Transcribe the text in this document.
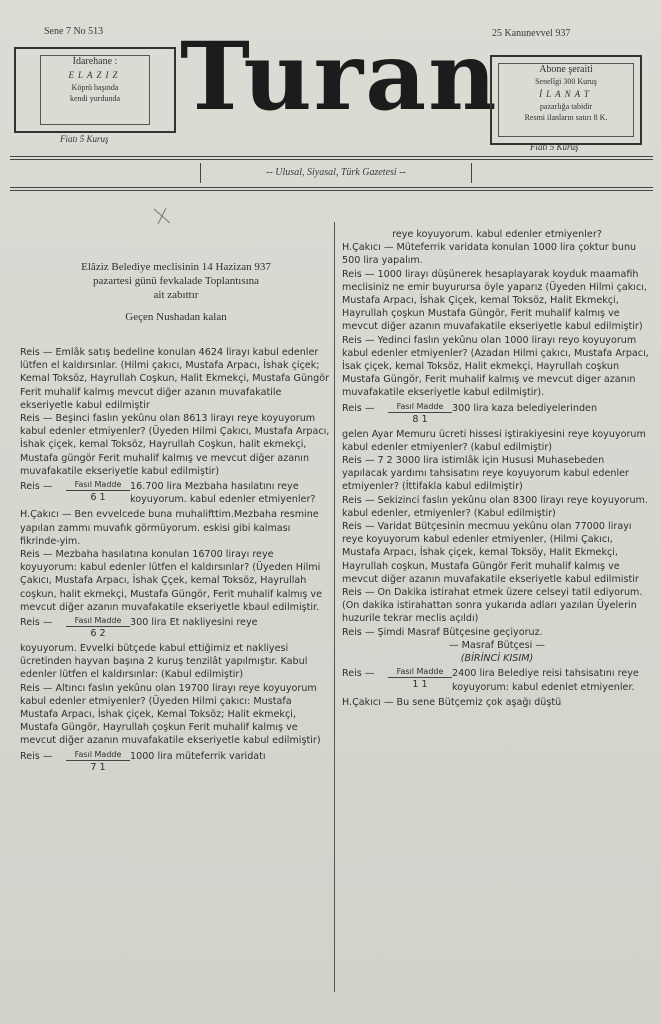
Sene 7 No 513	25 Kanunevvel 937
İdarehane :
ELAZIZ
Köprü başında
kendi yurdunda
Fiatı 5 Kuruş
Turan	Abone şeraiti
Senelîgi 300 Kuruş
İLANAT
pazarlığa tabidir
Resmi ilanların satırı 8 K.
Fiatı 5 Kuruş
-- Ulusal, Siyasal, Türk Gazetesi --

Elâziz Belediye meclisinin 14 Hazizan 937

pazartesi günü fevkalade Toplantısına

ait zabıttır

Geçen Nushadan kalan

Reis — Emlâk satış bedeline konulan 4624 lirayı kabul edenler lütfen el kaldırsınlar. (Hilmi çakıcı, Mustafa Arpacı, İshak çiçek; Kemal Toksöz, Hayrullah Coşkun, Halit Ekmekçi, Mustafa Güngör Ferit muhalif kalmış mevcut diğer azanın muvafakatile ekseriyetle kabul edilmiştir

Reis — Beşinci faslın yekûnu olan 8613 lirayı reye koyuyorum kabul edenler etmiyenler? (Üyeden Hilmi Çakıcı, Mustafa Arpacı, İshak çiçek, kemal Toksöz, Hayrullah Coşkun, halit ekmekçi, Mustafa güngör Ferit muhalif kalmış ve mevcut diğer azanın muvafakatile ekseriyetle kabul edilmiştir)

Reis —	Fasıl Madde
6 1
16.700 lira Mezbaha hasılatını reye koyuyorum. kabul edenler etmiyenler?

H.Çakıcı — Ben evvelcede buna muhalifttim.Mezbaha resmine yapılan zammı muvafık görmüyorum. eskisi gibi kalması fikrinde-yim.

Reis — Mezbaha hasılatına konulan 16700 lirayı reye koyuyorum: kabul edenler lütfen el kaldırsınlar? (Üyeden Hilmi Çakıcı, Mustafa Arpacı, İshak Ççek, kemal Toksöz, Hayrullah coşkun, halit ekmekçi, Mustafa Güngör, Ferit muhalif kalmış ve mevcut diğer azanın muvafakatile ekseriyetle kbaul edilmiştir.

Reis —	Fasıl Madde
6 2
300 lira Et nakliyesini reye

koyuyorum. Evvelki bütçede kabul ettiğimiz et nakliyesi ücretinden hayvan başına 2 kuruş tenzilât yapılmıştır. Kabul edenler lütfen el kaldırsınlar: (Kabul edilmiştir)

Reis — Altıncı faslın yekûnu olan 19700 lirayı reye koyuyorum kabul edenler etmiyenler? (Üyeden Hilmi çakıcı: Mustafa Mustafa Arpacı, İshak çiçek, Kemal Toksöz; Halit ekmekçi, Mustafa Güngör, Hayrullah çoşkun Ferit muhalif kalmış ve mevcut diğer azanın muvafakatile ekseriyetle kabul edilmiştir)

Reis —	Fasıl Madde
7 1
1000 lira müteferrik varidatı

reye koyuyorum. kabul edenler etmiyenler?

H.Çakıcı — Müteferrik varidata konulan 1000 lira çoktur bunu 500 lira yapalım.

Reis — 1000 lirayı düşünerek hesaplayarak koyduk maamafih meclisiniz ne emir buyurursa öyle yaparız (Üyeden Hilmi çakıcı, Mustafa Arpacı, İshak Çiçek, kemal Toksöz, Halit Ekmekçi, Hayrullah çoşkun Mustafa Güngör, Ferit muhalif kalmış ve mevcut diğer azanın muvafakatile ekseriyetle kabul edilmiştir)

Reis — Yedinci faslın yekûnu olan 1000 lirayı reyo koyuyorum kabul edenler etmiyenler? (Azadan Hilmi çakıcı, Mustafa Arpacı, İsak çiçek, kemal Toksöz, Halit ekmekçi, Hayrullah coşkun Mustafa Güngör, Ferit muhalif kalmış ve mevcut diger azanın muvafakatile ekseriyetle kabul edilmiştir).

Reis —	Fasıl Madde
8 1
300 lira kaza belediyelerinden

gelen Ayar Memuru ücreti hissesi iştirakiyesini reye koyuyorum kabul edenler etmiyenler? (kabul edilmiştir)

Reis — 7 2 3000 lira istimlâk için Hususi Muhasebeden yapılacak yardımı tahsisatını reye koyuyorum kabul edenler etmiyenler? (İttifakla kabul edilmiştir)

Reis — Sekizinci faslın yekûnu olan 8300 lirayı reye koyuyorum. kabul edenler, etmiyenler? (Kabul edilmiştir)

Reis — Varidat Bütçesinin mecmuu yekûnu olan 77000 lirayı reye koyuyorum kabul edenler etmiyenler, (Hilmi Çakıcı, Mustafa Arpacı, İshak çiçek, kemal Toksöy, Halit Ekmekçi, Hayrullah coşkun, Mustafa Güngör Ferit muhalif kalmış ve mevcut diğer azanın muvafakatile ekseriyetle kabul edilmistir

Reis — On Dakika istirahat etmek üzere celseyi tatil ediyorum. (On dakika istirahattan sonra yukarıda adları yazılan Üyelerin huzurile tekrar meclis açıldı)

Reis — Şimdi Masraf Bütçesine geçiyoruz.

— Masraf Bütçesi —

(BİRİNCİ KISIM)

Reis —	Fasıl Madde
1 1
2400 lira Belediye reisi tahsisatını reye koyuyorum: kabul edenlet etmiyenler.

H.Çakıcı — Bu sene Bütçemiz çok aşağı düştü
